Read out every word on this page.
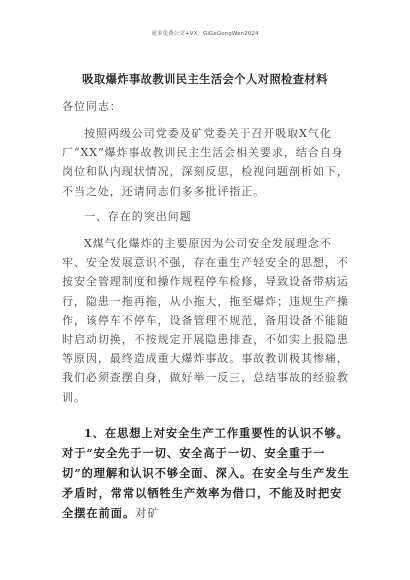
更多免费公文+VX：GiGeGongWen2024
吸取爆炸事故教训民主生活会个人对照检查材料
各位同志：
按照两级公司党委及矿党委关于召开吸取X气化厂“XX”爆炸事故教训民主生活会相关要求，结合自身岗位和队内现状情况，深刻反思，检视问题剖析如下，不当之处，还请同志们多多批评指正。
一、存在的突出问题
X煤气化爆炸的主要原因为公司安全发展理念不牢、安全发展意识不强，存在重生产轻安全的思想，不按安全管理制度和操作规程停车检修，导致设备带病运行，隐患一拖再拖，从小拖大，拖至爆炸；违规生产操作，该停车不停车，设备管理不规范，备用设备不能随时启动切换，不按规定开展隐患排查，不如实上报隐患等原因，最终造成重大爆炸事故。事故教训极其惨痛，我们必须查摆自身，做好举一反三，总结事故的经验教训。
1、在思想上对安全生产工作重要性的认识不够。对于“安全先于一切、安全高于一切、安全重于一切”的理解和认识不够全面、深入。在安全与生产发生矛盾时，常常以牺牲生产效率为借口，不能及时把安全摆在前面。对矿
